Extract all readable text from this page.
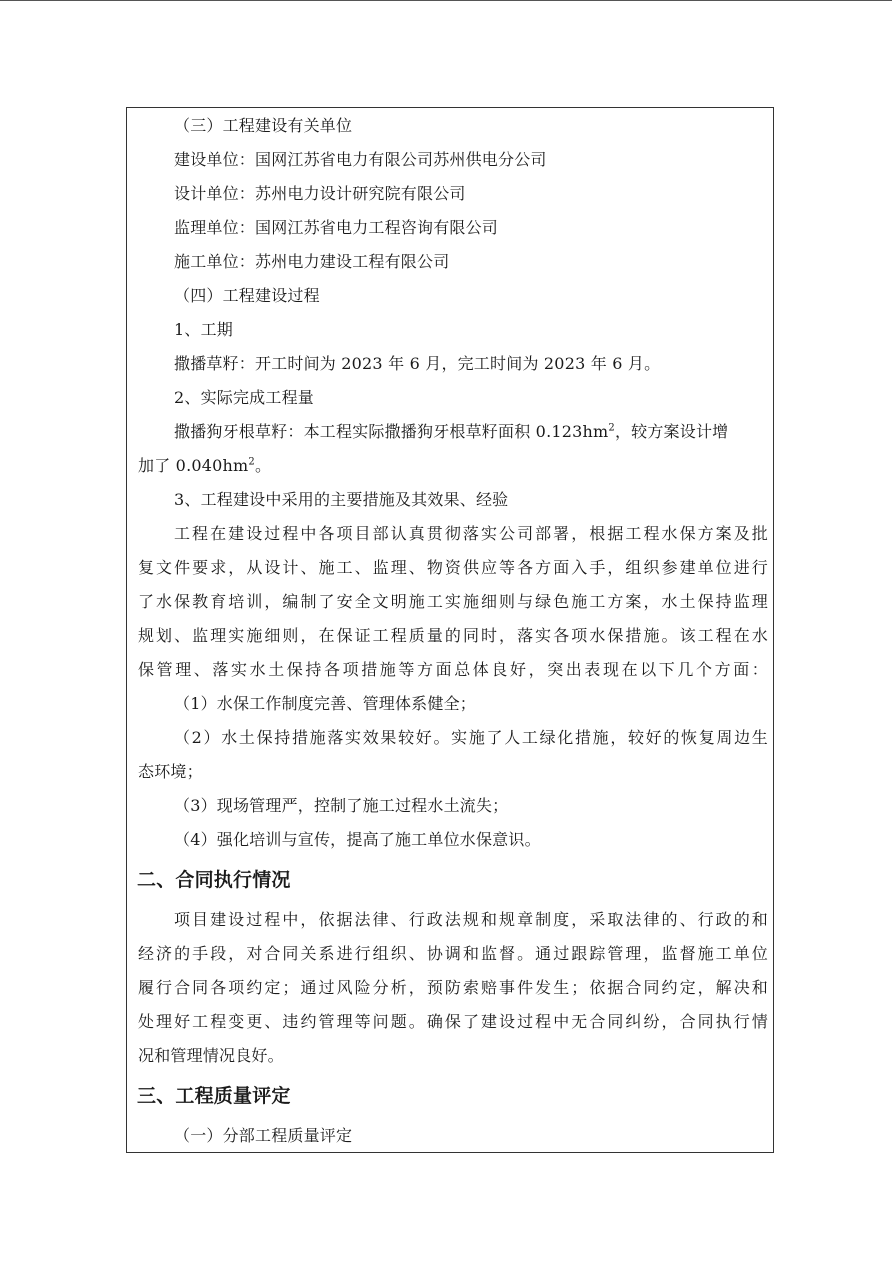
（三）工程建设有关单位
建设单位：国网江苏省电力有限公司苏州供电分公司
设计单位：苏州电力设计研究院有限公司
监理单位：国网江苏省电力工程咨询有限公司
施工单位：苏州电力建设工程有限公司
（四）工程建设过程
1、工期
撒播草籽：开工时间为 2023 年 6 月，完工时间为 2023 年 6 月。
2、实际完成工程量
撒播狗牙根草籽：本工程实际撒播狗牙根草籽面积 $0.123hm^2$，较方案设计增
加了 $0.040hm^2$。
3、工程建设中采用的主要措施及其效果、经验
工程在建设过程中各项目部认真贯彻落实公司部署，根据工程水保方案及批
复文件要求，从设计、施工、监理、物资供应等各方面入手，组织参建单位进行
了水保教育培训，编制了安全文明施工实施细则与绿色施工方案，水土保持监理
规划、监理实施细则，在保证工程质量的同时，落实各项水保措施。该工程在水
保管理、落实水土保持各项措施等方面总体良好，突出表现在以下几个方面：
（1）水保工作制度完善、管理体系健全；
（2）水土保持措施落实效果较好。实施了人工绿化措施，较好的恢复周边生
态环境；
（3）现场管理严，控制了施工过程水土流失；
（4）强化培训与宣传，提高了施工单位水保意识。
二、合同执行情况
项目建设过程中，依据法律、行政法规和规章制度，采取法律的、行政的和
经济的手段，对合同关系进行组织、协调和监督。通过跟踪管理，监督施工单位
履行合同各项约定；通过风险分析，预防索赔事件发生；依据合同约定，解决和
处理好工程变更、违约管理等问题。确保了建设过程中无合同纠纷，合同执行情
况和管理情况良好。
三、工程质量评定
（一）分部工程质量评定
